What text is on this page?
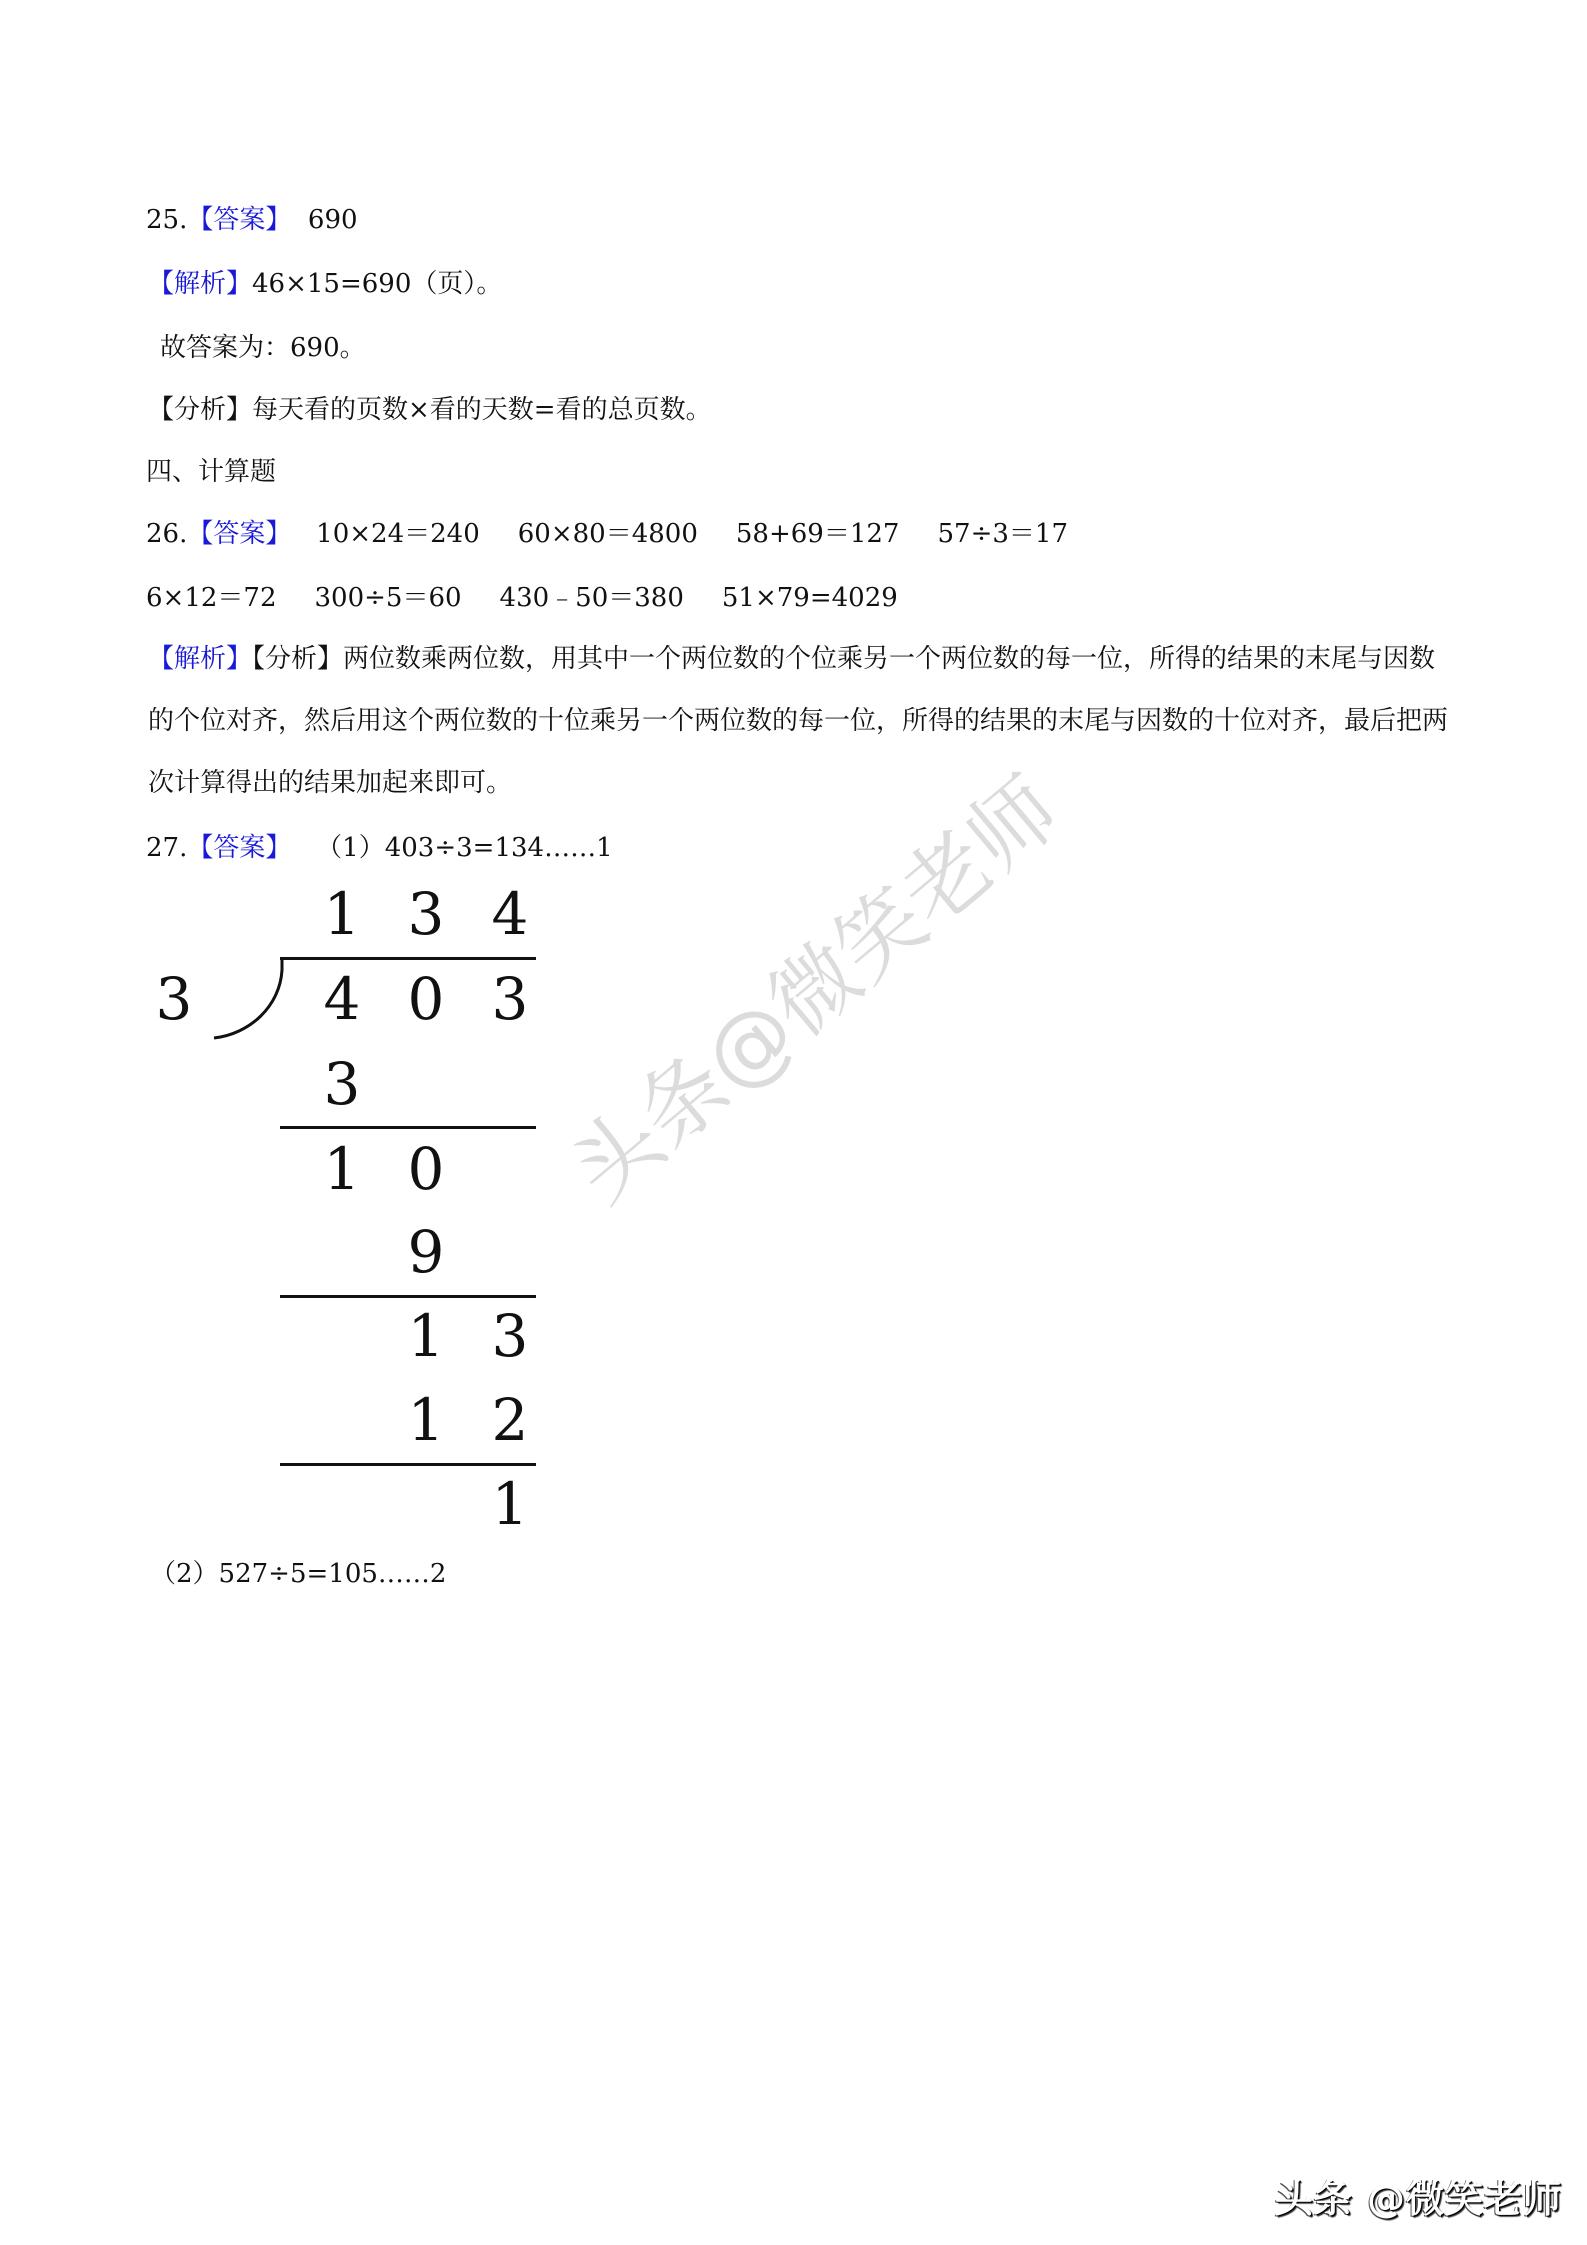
25.【答案】 690
【解析】46×15=690（页）。
故答案为：690。
【分析】每天看的页数×看的天数=看的总页数。
四、计算题
26.【答案】 10×24＝240 60×80＝4800 58+69＝127 57÷3＝17
6×12＝72 300÷5＝60 430﹣50＝380 51×79=4029
【解析】【分析】两位数乘两位数，用其中一个两位数的个位乘另一个两位数的每一位，所得的结果的末尾与因数的个位对齐，然后用这个两位数的十位乘另一个两位数的每一位，所得的结果的末尾与因数的十位对齐，最后把两次计算得出的结果加起来即可。
27.【答案】 （1）403÷3=134……1
1 3 4
3 4 0 3
3
1 0
9
1 3
1 2
1
（2）527÷5=105……2
头条@微笑老师
头条 @微笑老师
